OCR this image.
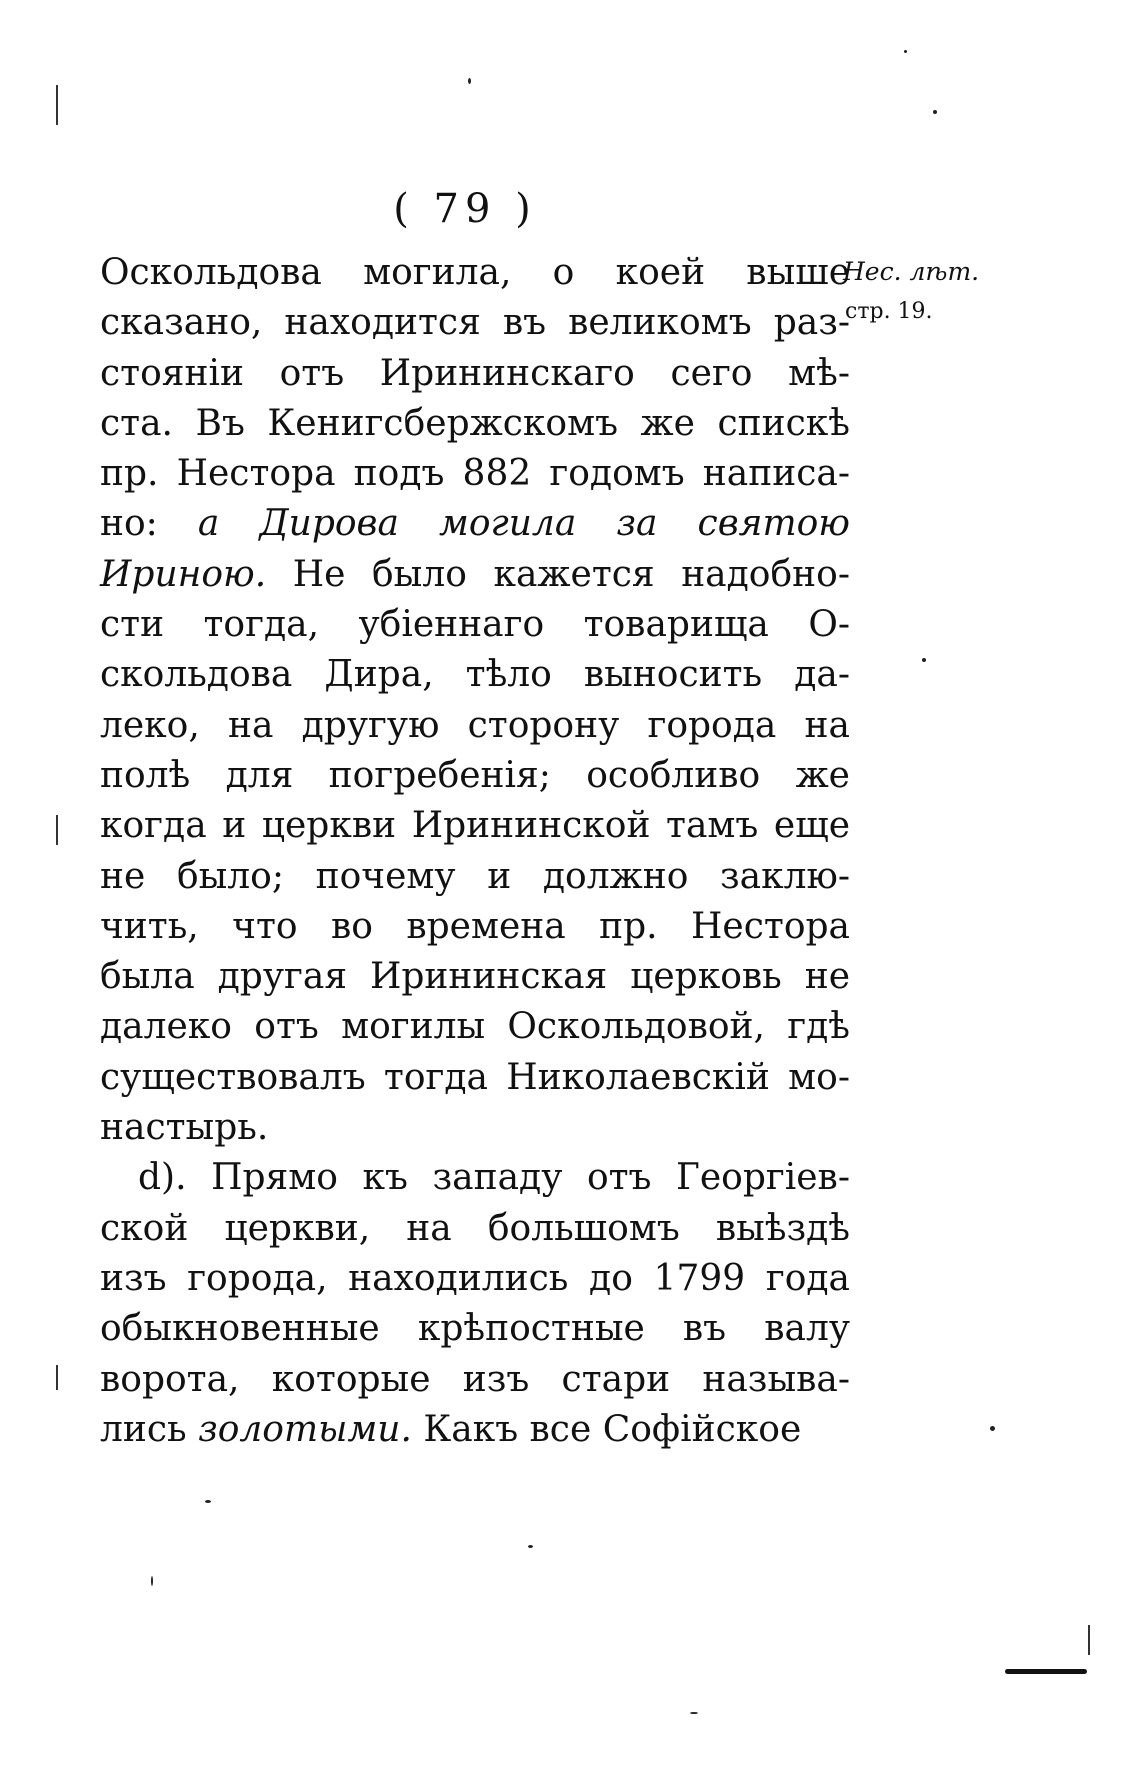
( 79 )
Нес. лѣт.
стр. 19.
Оскольдова могила, о коей выше
сказано, находится въ великомъ раз-
стояніи отъ Ирининскаго сего мѣ-
ста. Въ Кенигсбержскомъ же спискѣ
пр. Нестора подъ 882 годомъ написа-
но: а Дирова могила за святою
Ириною. Не было кажется надобно-
сти тогда, убіеннаго товарища О-
скольдова Дира, тѣло выносить да-
леко, на другую сторону города на
полѣ для погребенія; особливо же
когда и церкви Ирининской тамъ еще
не было; почему и должно заклю-
чить, что во времена пр. Нестора
была другая Ирининская церковь не
далеко отъ могилы Оскольдовой, гдѣ
существовалъ тогда Николаевскій мо-
настырь.
d). Прямо къ западу отъ Георгіев-
ской церкви, на большомъ выѣздѣ
изъ города, находились до 1799 года
обыкновенные крѣпостные въ валу
ворота, которые изъ стари называ-
лись золотыми. Какъ все Софійское
